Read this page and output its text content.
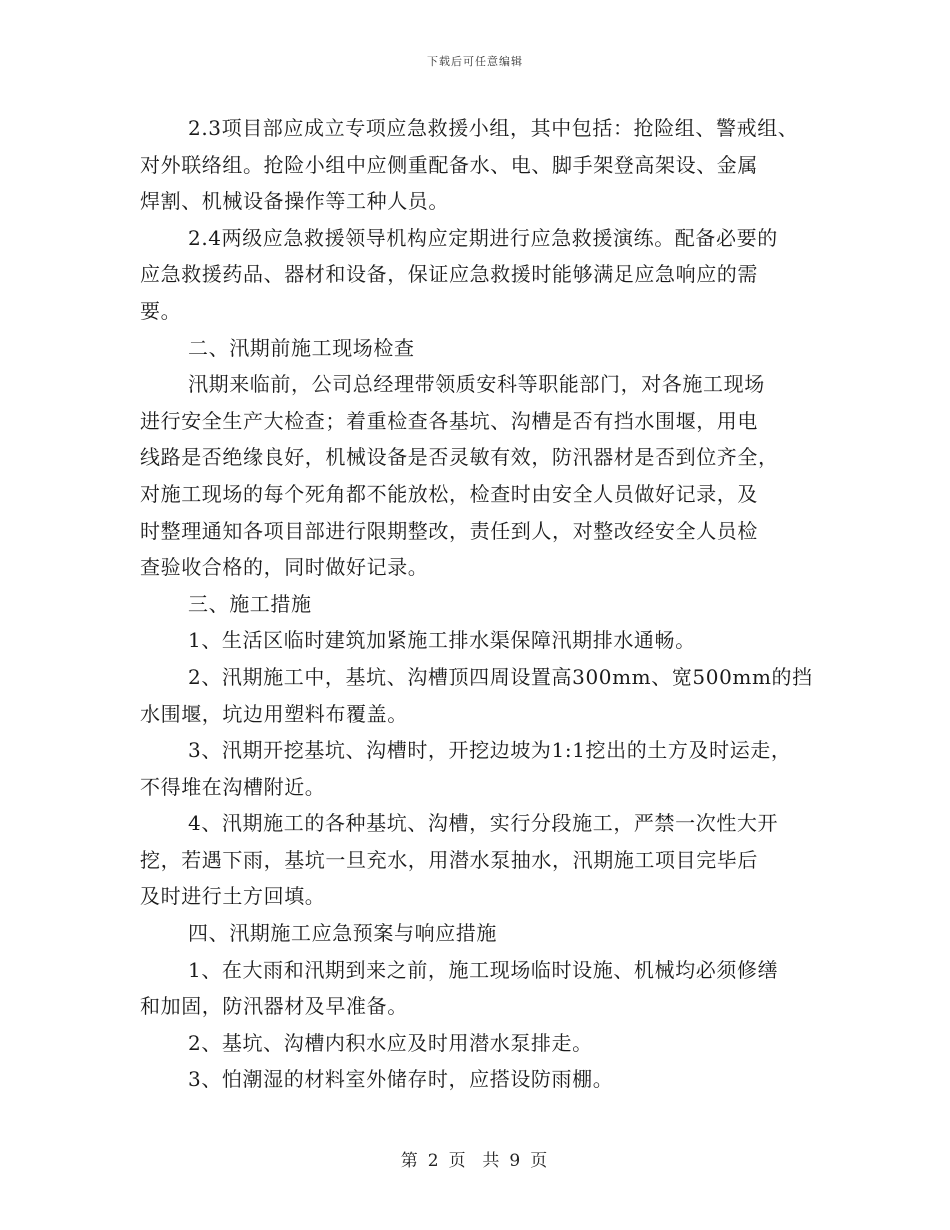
下载后可任意编辑
2.3项目部应成立专项应急救援小组，其中包括：抢险组、警戒组、
对外联络组。抢险小组中应侧重配备水、电、脚手架登高架设、金属
焊割、机械设备操作等工种人员。
2.4两级应急救援领导机构应定期进行应急救援演练。配备必要的
应急救援药品、器材和设备，保证应急救援时能够满足应急响应的需
要。
二、汛期前施工现场检查
汛期来临前，公司总经理带领质安科等职能部门，对各施工现场
进行安全生产大检查；着重检查各基坑、沟槽是否有挡水围堰，用电
线路是否绝缘良好，机械设备是否灵敏有效，防汛器材是否到位齐全，
对施工现场的每个死角都不能放松，检查时由安全人员做好记录，及
时整理通知各项目部进行限期整改，责任到人，对整改经安全人员检
查验收合格的，同时做好记录。
三、施工措施
1、生活区临时建筑加紧施工排水渠保障汛期排水通畅。
2、汛期施工中，基坑、沟槽顶四周设置高300mm、宽500mm的挡
水围堰，坑边用塑料布覆盖。
3、汛期开挖基坑、沟槽时，开挖边坡为1:1挖出的土方及时运走，
不得堆在沟槽附近。
4、汛期施工的各种基坑、沟槽，实行分段施工，严禁一次性大开
挖，若遇下雨，基坑一旦充水，用潜水泵抽水，汛期施工项目完毕后
及时进行土方回填。
四、汛期施工应急预案与响应措施
1、在大雨和汛期到来之前，施工现场临时设施、机械均必须修缮
和加固，防汛器材及早准备。
2、基坑、沟槽内积水应及时用潜水泵排走。
3、怕潮湿的材料室外储存时，应搭设防雨棚。
第 2 页  共 9 页
